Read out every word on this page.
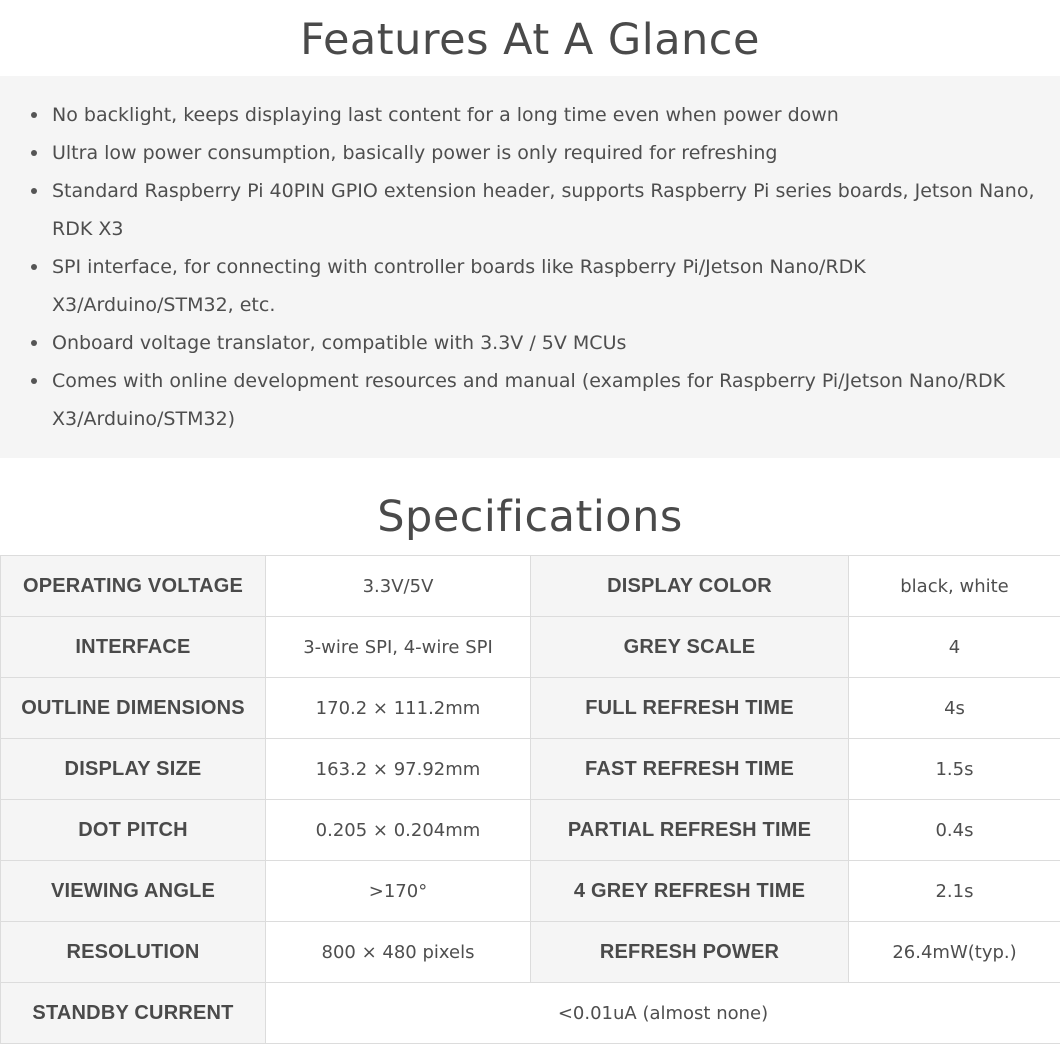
Features At A Glance
No backlight, keeps displaying last content for a long time even when power down
Ultra low power consumption, basically power is only required for refreshing
Standard Raspberry Pi 40PIN GPIO extension header, supports Raspberry Pi series boards, Jetson Nano, RDK X3
SPI interface, for connecting with controller boards like Raspberry Pi/Jetson Nano/RDK X3/Arduino/STM32, etc.
Onboard voltage translator, compatible with 3.3V / 5V MCUs
Comes with online development resources and manual (examples for Raspberry Pi/Jetson Nano/RDK X3/Arduino/STM32)
Specifications
OPERATING VOLTAGE	3.3V/5V	DISPLAY COLOR	black, white
INTERFACE	3-wire SPI, 4-wire SPI	GREY SCALE	4
OUTLINE DIMENSIONS	170.2 × 111.2mm	FULL REFRESH TIME	4s
DISPLAY SIZE	163.2 × 97.92mm	FAST REFRESH TIME	1.5s
DOT PITCH	0.205 × 0.204mm	PARTIAL REFRESH TIME	0.4s
VIEWING ANGLE	>170°	4 GREY REFRESH TIME	2.1s
RESOLUTION	800 × 480 pixels	REFRESH POWER	26.4mW(typ.)
STANDBY CURRENT	<0.01uA (almost none)		
